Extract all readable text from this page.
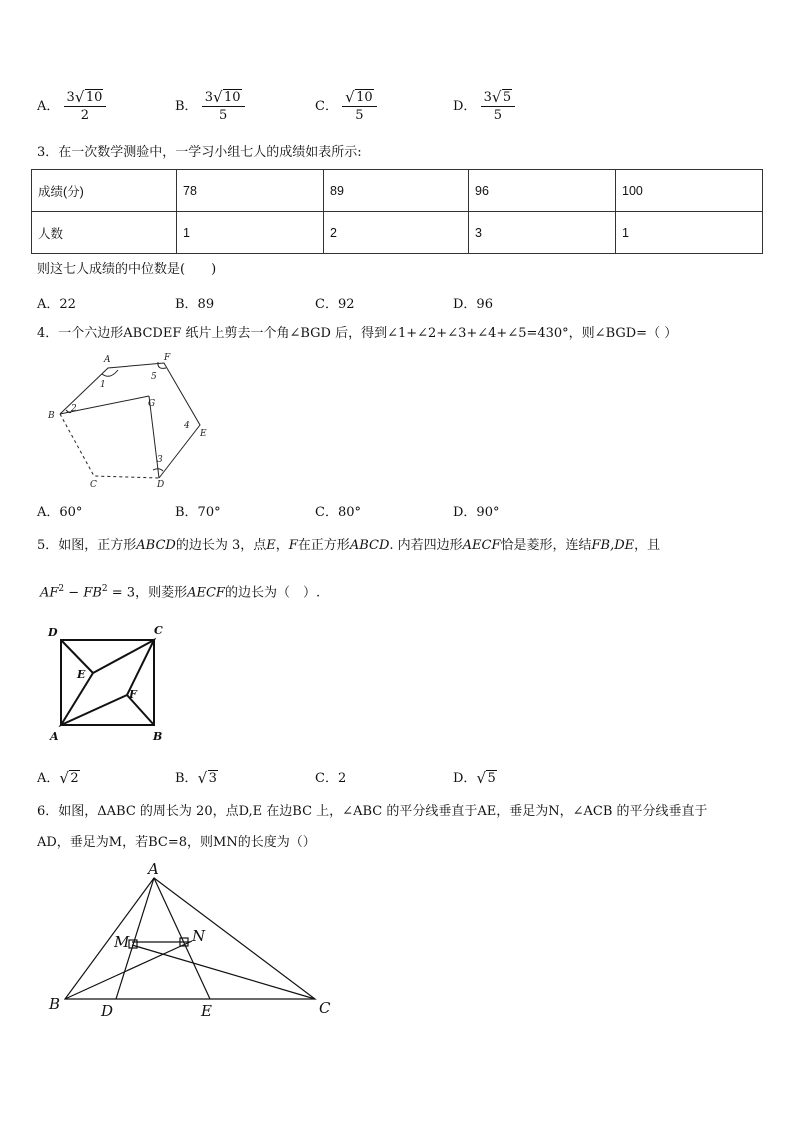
A． $\frac{3 √ 10}{2}$	B． $\frac{3 √ 10}{5}$	C． $\frac{√ 10}{5}$	D． $\frac{3 √ 5}{5}$
3．在一次数学测验中，一学习小组七人的成绩如表所示:
成绩(分)	78	89	96	100
人数	1	2	3	1
则这七人成绩的中位数是(　　)
A．22	B．89	C．92	D．96
4．一个六边形ABCDEF 纸片上剪去一个角∠BGD 后，得到∠1+∠2+∠3+∠4+∠5=430°，则∠BGD=（ ）
A	F
1
5
B
2	G
4
E
3
C	D
A．60°	B．70°	C．80°	D．90°
5．如图，正方形ABCD的边长为 3，点E，F在正方形ABCD. 内若四边形AECF恰是菱形，连结FB,DE，且
$AF^2 - FB^2 = 3$，则菱形AECF的边长为（　）.
D	C
E
F
A	B
A． √ 2	B． √ 3	C．2	D． √ 5
6．如图，ΔABC 的周长为 20，点D,E 在边BC 上，∠ABC 的平分线垂直于AE，垂足为N，∠ACB 的平分线垂直于
AD，垂足为M，若BC=8，则MN的长度为（）
A
M	N
B	D	E	C
